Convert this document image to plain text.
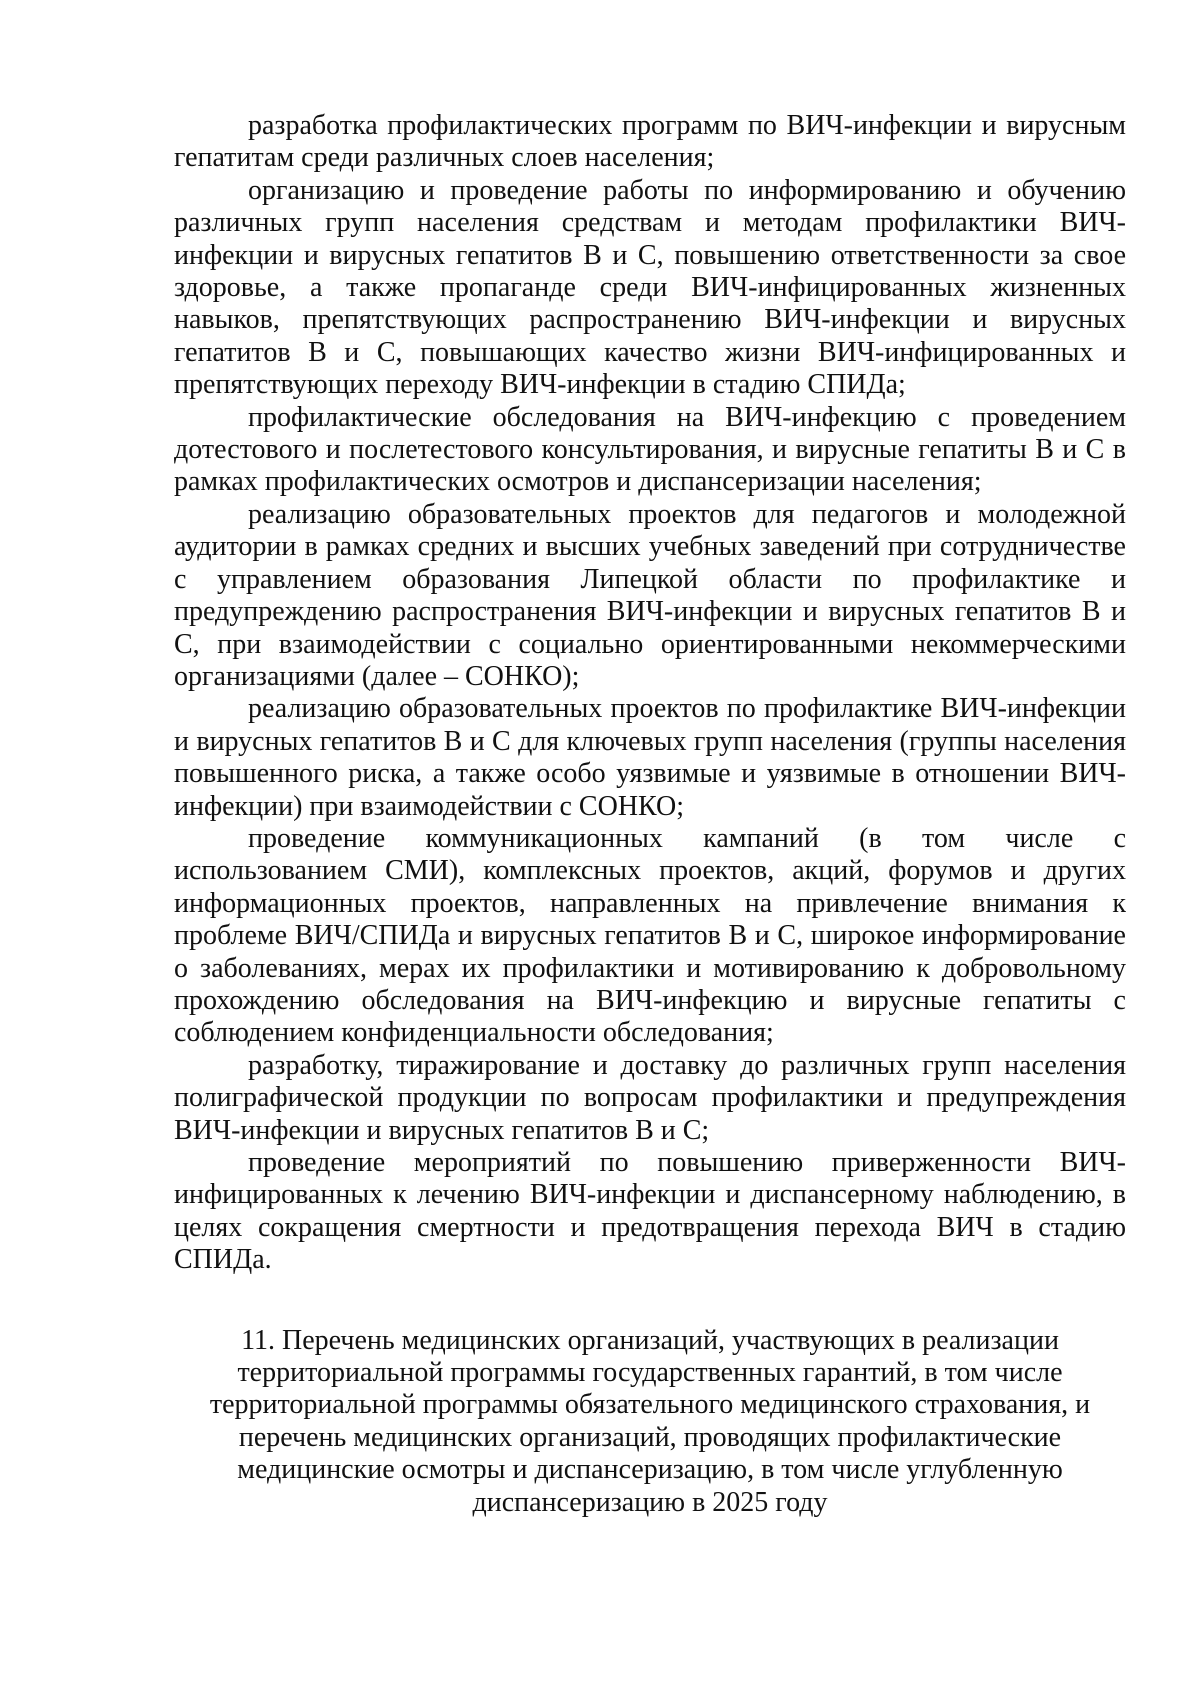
разработка профилактических программ по ВИЧ-инфекции и вирусным гепатитам среди различных слоев населения;

организацию и проведение работы по информированию и обучению различных групп населения средствам и методам профилактики ВИЧ-инфекции и вирусных гепатитов В и С, повышению ответственности за свое здоровье, а также пропаганде среди ВИЧ-инфицированных жизненных навыков, препятствующих распространению ВИЧ-инфекции и вирусных гепатитов В и С, повышающих качество жизни ВИЧ-инфицированных и препятствующих переходу ВИЧ-инфекции в стадию СПИДа;

профилактические обследования на ВИЧ-инфекцию с проведением дотестового и послетестового консультирования, и вирусные гепатиты В и С в рамках профилактических осмотров и диспансеризации населения;

реализацию образовательных проектов для педагогов и молодежной аудитории в рамках средних и высших учебных заведений при сотрудничестве с управлением образования Липецкой области по профилактике и предупреждению распространения ВИЧ-инфекции и вирусных гепатитов В и С, при взаимодействии с социально ориентированными некоммерческими организациями (далее – СОНКО);

реализацию образовательных проектов по профилактике ВИЧ-инфекции и вирусных гепатитов В и С для ключевых групп населения (группы населения повышенного риска, а также особо уязвимые и уязвимые в отношении ВИЧ-инфекции) при взаимодействии с СОНКО;

проведение коммуникационных кампаний (в том числе с использованием СМИ), комплексных проектов, акций, форумов и других информационных проектов, направленных на привлечение внимания к проблеме ВИЧ/СПИДа и вирусных гепатитов В и С, широкое информирование о заболеваниях, мерах их профилактики и мотивированию к добровольному прохождению обследования на ВИЧ-инфекцию и вирусные гепатиты с соблюдением конфиденциальности обследования;

разработку, тиражирование и доставку до различных групп населения полиграфической продукции по вопросам профилактики и предупреждения ВИЧ-инфекции и вирусных гепатитов В и С;

проведение мероприятий по повышению приверженности ВИЧ-инфицированных к лечению ВИЧ-инфекции и диспансерному наблюдению, в целях сокращения смертности и предотвращения перехода ВИЧ в стадию СПИДа.

11. Перечень медицинских организаций, участвующих в реализации территориальной программы государственных гарантий, в том числе территориальной программы обязательного медицинского страхования, и перечень медицинских организаций, проводящих профилактические медицинские осмотры и диспансеризацию, в том числе углубленную диспансеризацию в 2025 году
